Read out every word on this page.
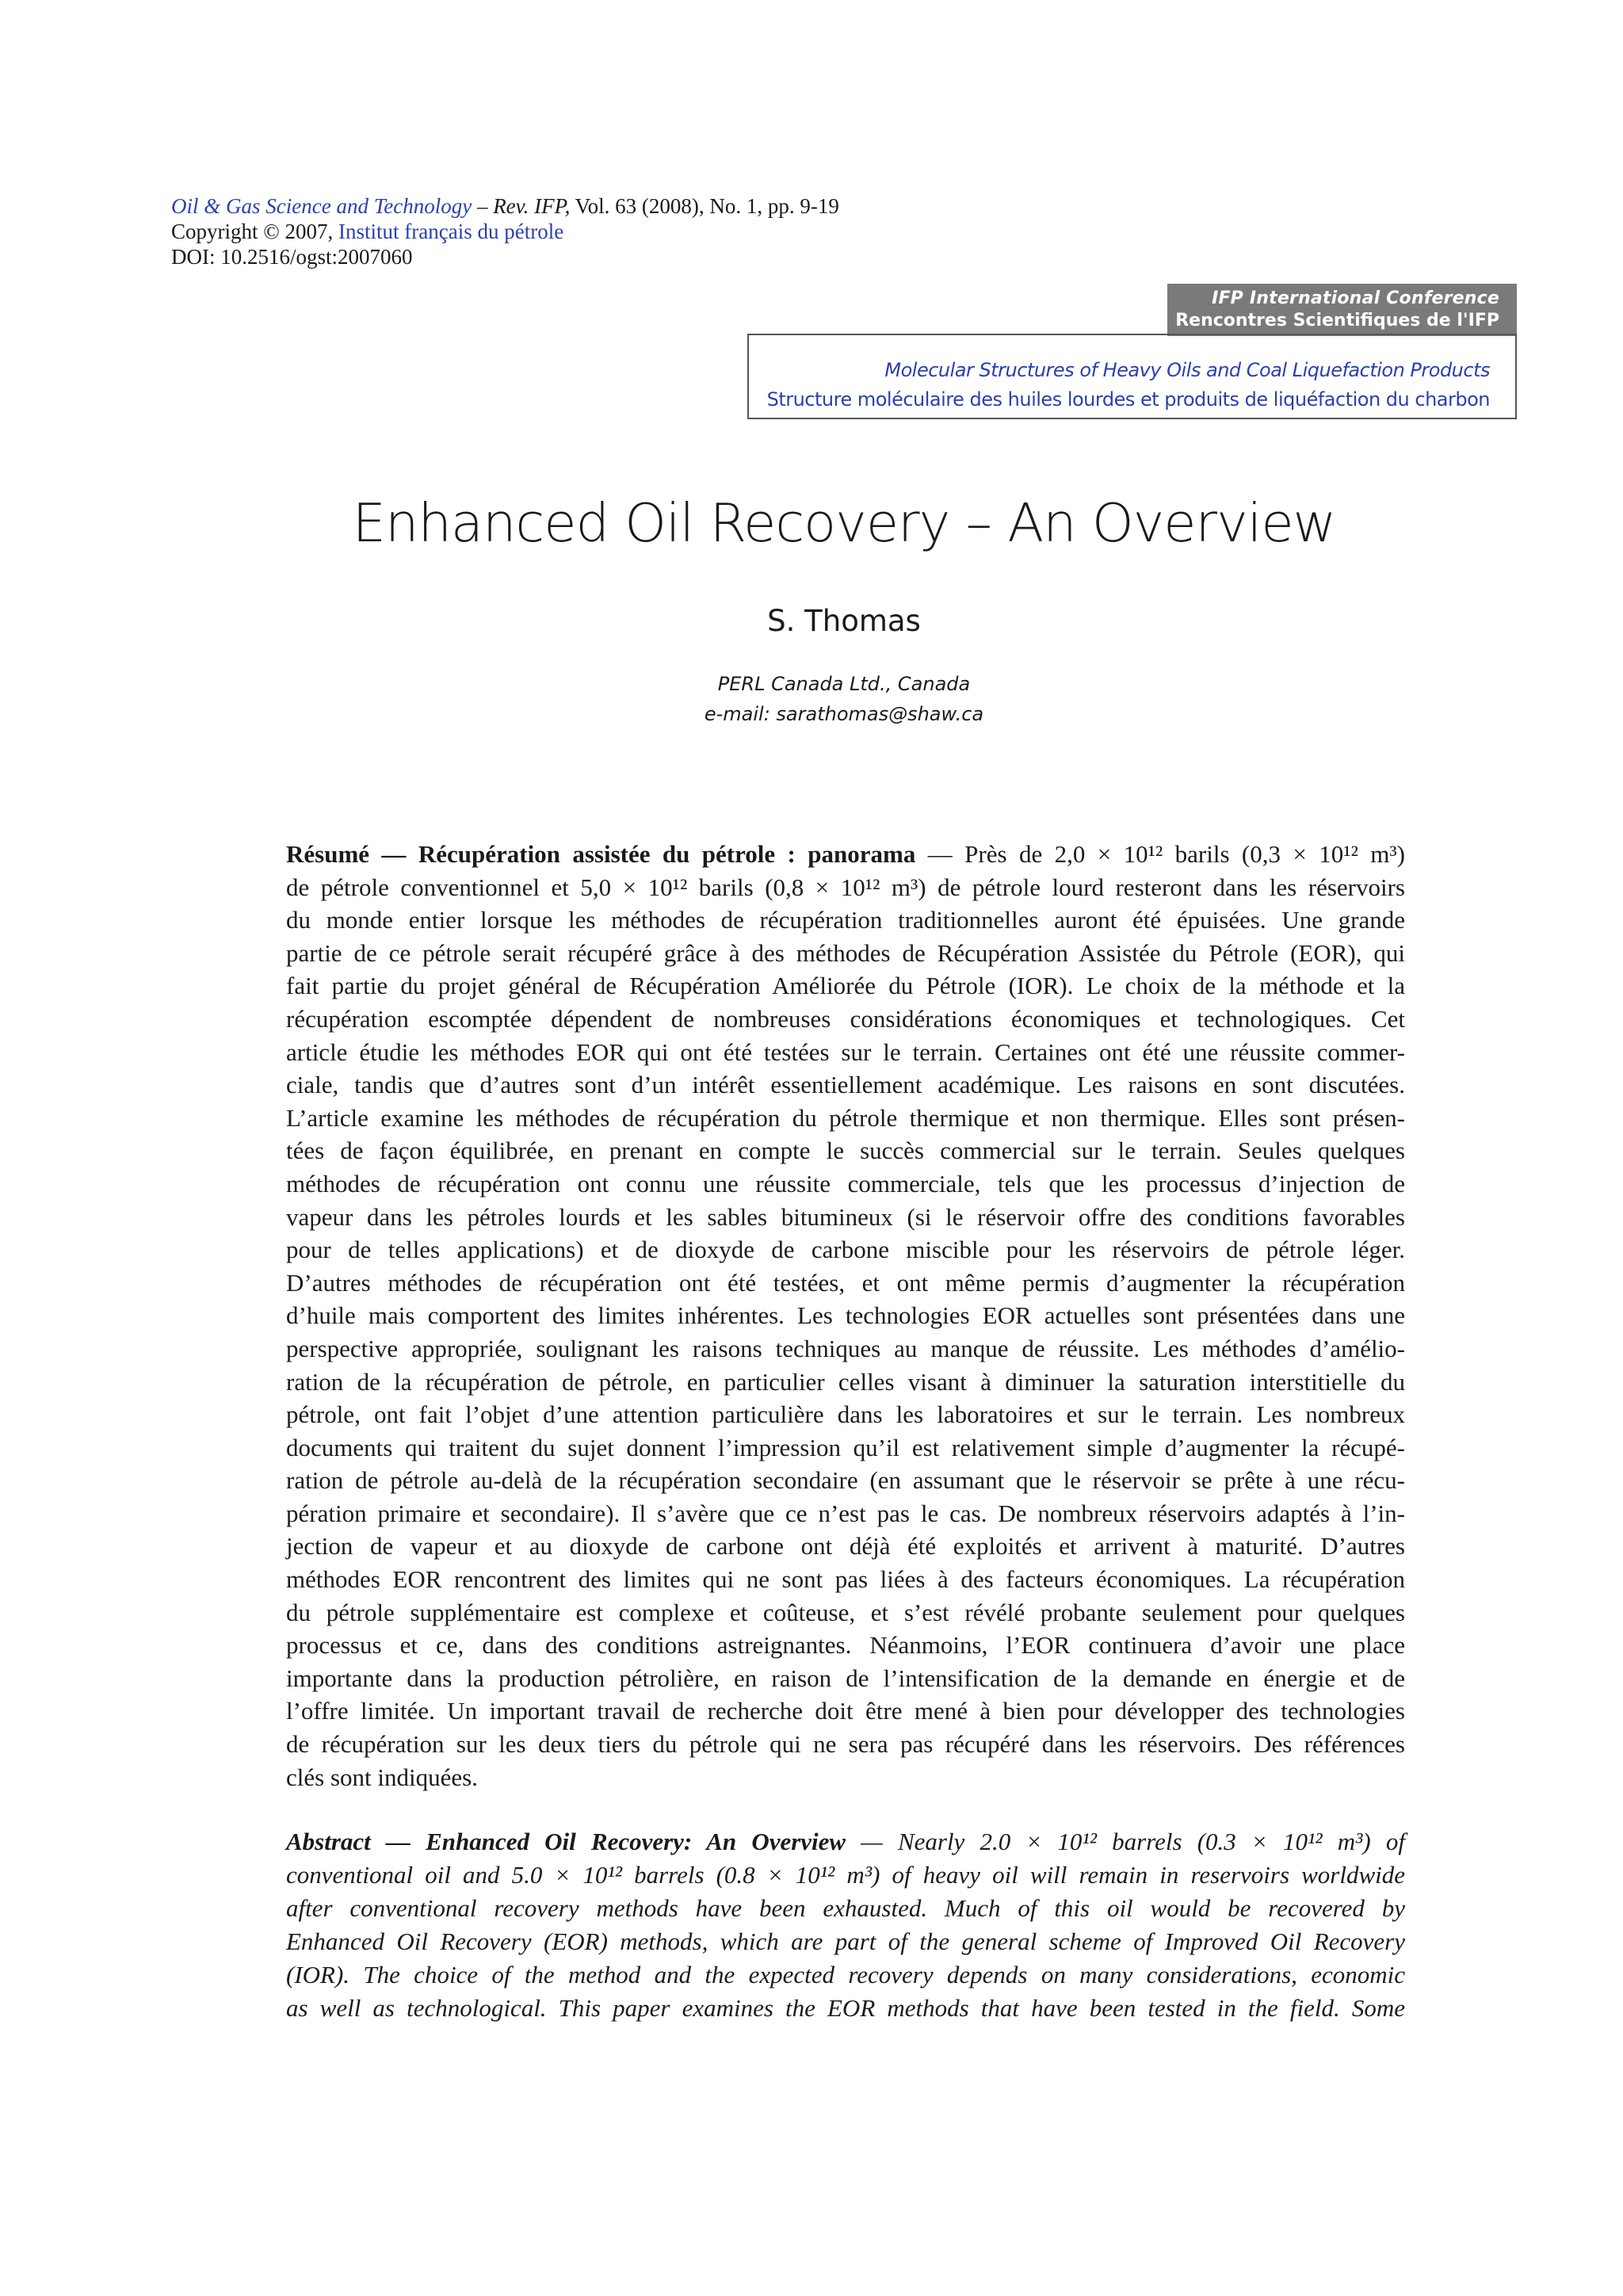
Oil & Gas Science and Technology – Rev. IFP, Vol. 63 (2008), No. 1, pp. 9-19
Copyright © 2007, Institut français du pétrole
DOI: 10.2516/ogst:2007060
IFP International Conference
Rencontres Scientifiques de l'IFP
Molecular Structures of Heavy Oils and Coal Liquefaction Products
Structure moléculaire des huiles lourdes et produits de liquéfaction du charbon
Enhanced Oil Recovery – An Overview
S. Thomas
PERL Canada Ltd., Canada
e-mail: sarathomas@shaw.ca
Résumé — Récupération assistée du pétrole : panorama — Près de 2,0 × 10¹² barils (0,3 × 10¹² m³)
de pétrole conventionnel et 5,0 × 10¹² barils (0,8 × 10¹² m³) de pétrole lourd resteront dans les réservoirs
du monde entier lorsque les méthodes de récupération traditionnelles auront été épuisées. Une grande
partie de ce pétrole serait récupéré grâce à des méthodes de Récupération Assistée du Pétrole (EOR), qui
fait partie du projet général de Récupération Améliorée du Pétrole (IOR). Le choix de la méthode et la
récupération escomptée dépendent de nombreuses considérations économiques et technologiques. Cet
article étudie les méthodes EOR qui ont été testées sur le terrain. Certaines ont été une réussite commer-
ciale, tandis que d’autres sont d’un intérêt essentiellement académique. Les raisons en sont discutées.
L’article examine les méthodes de récupération du pétrole thermique et non thermique. Elles sont présen-
tées de façon équilibrée, en prenant en compte le succès commercial sur le terrain. Seules quelques
méthodes de récupération ont connu une réussite commerciale, tels que les processus d’injection de
vapeur dans les pétroles lourds et les sables bitumineux (si le réservoir offre des conditions favorables
pour de telles applications) et de dioxyde de carbone miscible pour les réservoirs de pétrole léger.
D’autres méthodes de récupération ont été testées, et ont même permis d’augmenter la récupération
d’huile mais comportent des limites inhérentes. Les technologies EOR actuelles sont présentées dans une
perspective appropriée, soulignant les raisons techniques au manque de réussite. Les méthodes d’amélio-
ration de la récupération de pétrole, en particulier celles visant à diminuer la saturation interstitielle du
pétrole, ont fait l’objet d’une attention particulière dans les laboratoires et sur le terrain. Les nombreux
documents qui traitent du sujet donnent l’impression qu’il est relativement simple d’augmenter la récupé-
ration de pétrole au-delà de la récupération secondaire (en assumant que le réservoir se prête à une récu-
pération primaire et secondaire). Il s’avère que ce n’est pas le cas. De nombreux réservoirs adaptés à l’in-
jection de vapeur et au dioxyde de carbone ont déjà été exploités et arrivent à maturité. D’autres
méthodes EOR rencontrent des limites qui ne sont pas liées à des facteurs économiques. La récupération
du pétrole supplémentaire est complexe et coûteuse, et s’est révélé probante seulement pour quelques
processus et ce, dans des conditions astreignantes. Néanmoins, l’EOR continuera d’avoir une place
importante dans la production pétrolière, en raison de l’intensification de la demande en énergie et de
l’offre limitée. Un important travail de recherche doit être mené à bien pour développer des technologies
de récupération sur les deux tiers du pétrole qui ne sera pas récupéré dans les réservoirs. Des références
clés sont indiquées.
Abstract — Enhanced Oil Recovery: An Overview — Nearly 2.0 × 10¹² barrels (0.3 × 10¹² m³) of
conventional oil and 5.0 × 10¹² barrels (0.8 × 10¹² m³) of heavy oil will remain in reservoirs worldwide
after conventional recovery methods have been exhausted. Much of this oil would be recovered by
Enhanced Oil Recovery (EOR) methods, which are part of the general scheme of Improved Oil Recovery
(IOR). The choice of the method and the expected recovery depends on many considerations, economic
as well as technological. This paper examines the EOR methods that have been tested in the field. Some
